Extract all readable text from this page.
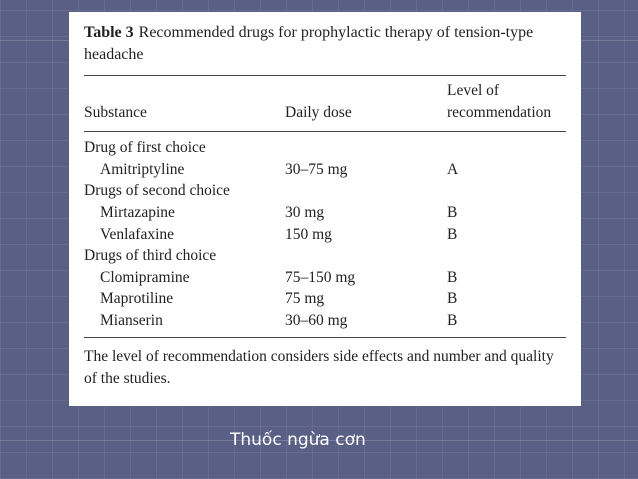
Table 3 Recommended drugs for prophylactic therapy of tension-type headache
Level of
Substance	Daily dose	recommendation
Drug of first choice
Amitriptyline	30–75 mg	A
Drugs of second choice
Mirtazapine	30 mg	B
Venlafaxine	150 mg	B
Drugs of third choice
Clomipramine	75–150 mg	B
Maprotiline	75 mg	B
Mianserin	30–60 mg	B
The level of recommendation considers side effects and number and quality of the studies.
Thuốc ngừa cơn
